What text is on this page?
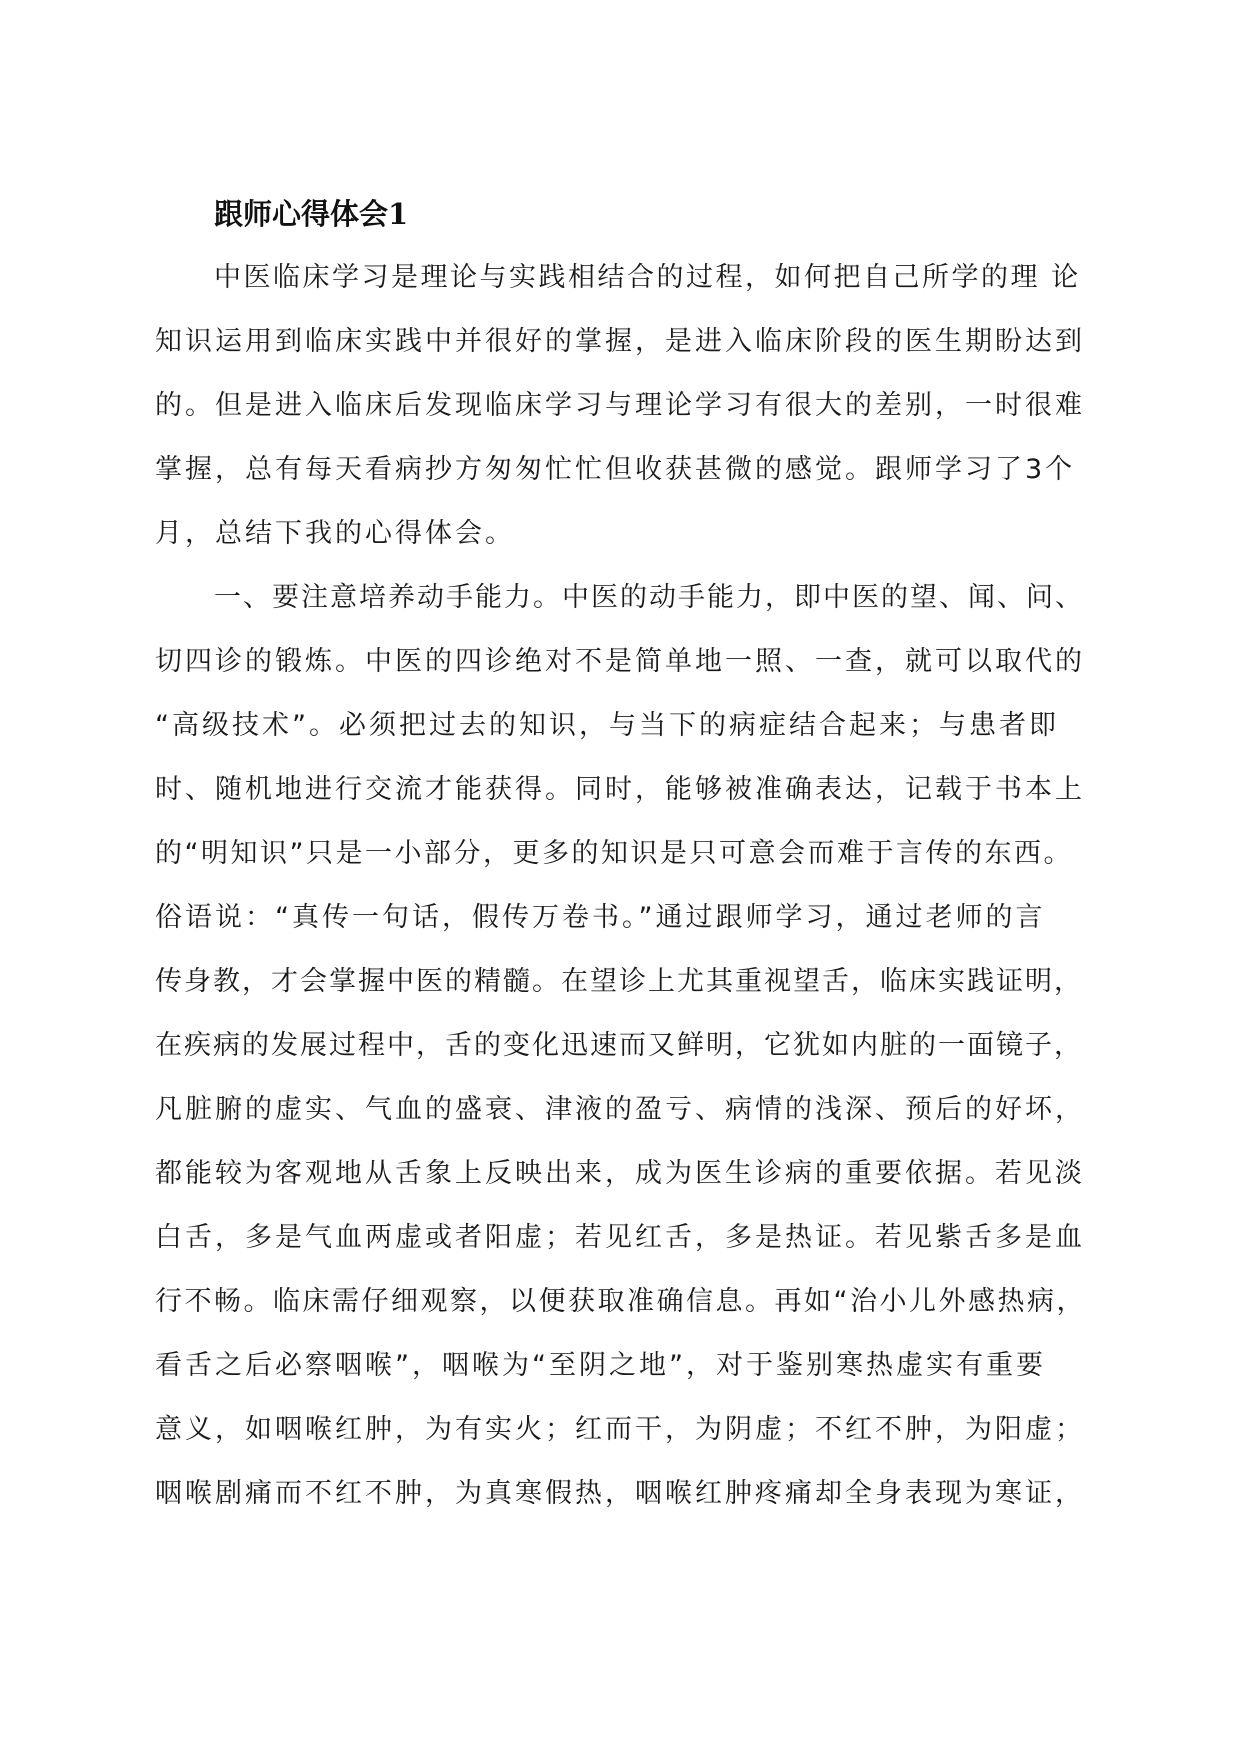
跟师心得体会1
中医临床学习是理论与实践相结合的过程，如何把自己所学的理 论
知识运用到临床实践中并很好的掌握，是进入临床阶段的医生期盼达到
的。但是进入临床后发现临床学习与理论学习有很大的差别，一时很难
掌握，总有每天看病抄方匆匆忙忙但收获甚微的感觉。跟师学习了3个
月，总结下我的心得体会。
一、要注意培养动手能力。中医的动手能力，即中医的望、闻、问、
切四诊的锻炼。中医的四诊绝对不是简单地一照、一查，就可以取代的
“高级技术”。必须把过去的知识，与当下的病症结合起来；与患者即
时、随机地进行交流才能获得。同时，能够被准确表达，记载于书本上
的“明知识”只是一小部分，更多的知识是只可意会而难于言传的东西。
俗语说：“真传一句话，假传万卷书。”通过跟师学习，通过老师的言
传身教，才会掌握中医的精髓。在望诊上尤其重视望舌，临床实践证明，
在疾病的发展过程中，舌的变化迅速而又鲜明，它犹如内脏的一面镜子，
凡脏腑的虚实、气血的盛衰、津液的盈亏、病情的浅深、预后的好坏，
都能较为客观地从舌象上反映出来，成为医生诊病的重要依据。若见淡
白舌，多是气血两虚或者阳虚；若见红舌，多是热证。若见紫舌多是血
行不畅。临床需仔细观察，以便获取准确信息。再如“治小儿外感热病，
看舌之后必察咽喉”，咽喉为“至阴之地”，对于鉴别寒热虚实有重要
意义，如咽喉红肿，为有实火；红而干，为阴虚；不红不肿，为阳虚；
咽喉剧痛而不红不肿，为真寒假热，咽喉红肿疼痛却全身表现为寒证，
